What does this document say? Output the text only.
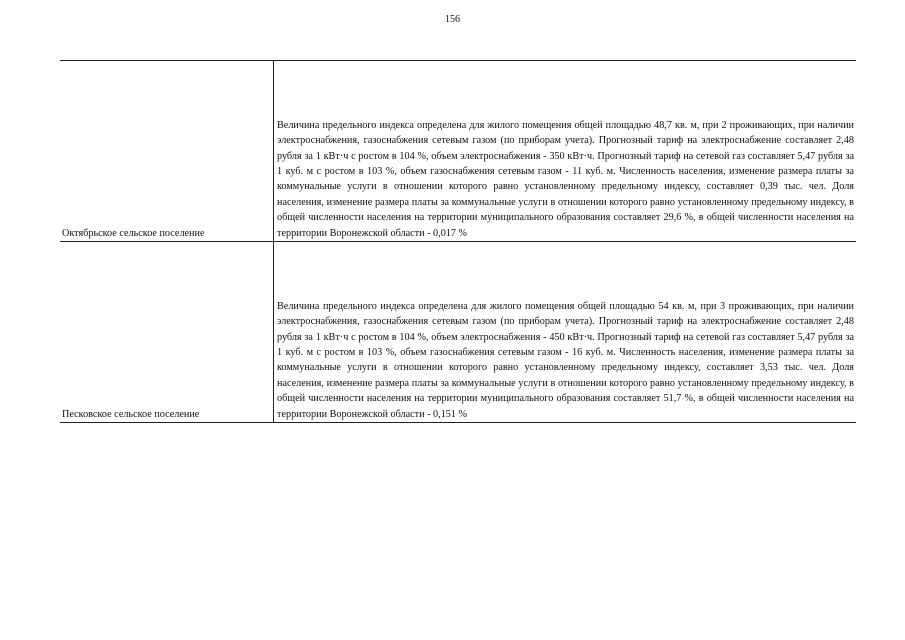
156
Октябрьское сельское поселение

Величина предельного индекса определена для жилого помещения общей площадью 48,7 кв. м, при 2 проживающих, при наличии электроснабжения, газоснабжения сетевым газом (по приборам учета). Прогнозный тариф на электроснабжение составляет 2,48 рубля за 1 кВт·ч с ростом в 104 %, объем электроснабжения - 350 кВт·ч. Прогнозный тариф на сетевой газ составляет 5,47 рубля за 1 куб. м с ростом в 103 %, объем газоснабжения сетевым газом - 11 куб. м. Численность населения, изменение размера платы за коммунальные услуги в отношении которого равно установленному предельному индексу, составляет 0,39 тыс. чел. Доля населения, изменение размера платы за коммунальные услуги в отношении которого равно установленному предельному индексу, в общей численности населения на территории муниципального образования составляет 29,6 %, в общей численности населения на территории Воронежской области - 0,017 %

Песковское сельское поселение

Величина предельного индекса определена для жилого помещения общей площадью 54 кв. м, при 3 проживающих, при наличии электроснабжения, газоснабжения сетевым газом (по приборам учета). Прогнозный тариф на электроснабжение составляет 2,48 рубля за 1 кВт·ч с ростом в 104 %, объем электроснабжения - 450 кВт·ч. Прогнозный тариф на сетевой газ составляет 5,47 рубля за 1 куб. м с ростом в 103 %, объем газоснабжения сетевым газом - 16 куб. м. Численность населения, изменение размера платы за коммунальные услуги в отношении которого равно установленному предельному индексу, составляет 3,53 тыс. чел. Доля населения, изменение размера платы за коммунальные услуги в отношении которого равно установленному предельному индексу, в общей численности населения на территории муниципального образования составляет 51,7 %, в общей численности населения на территории Воронежской области - 0,151 %
